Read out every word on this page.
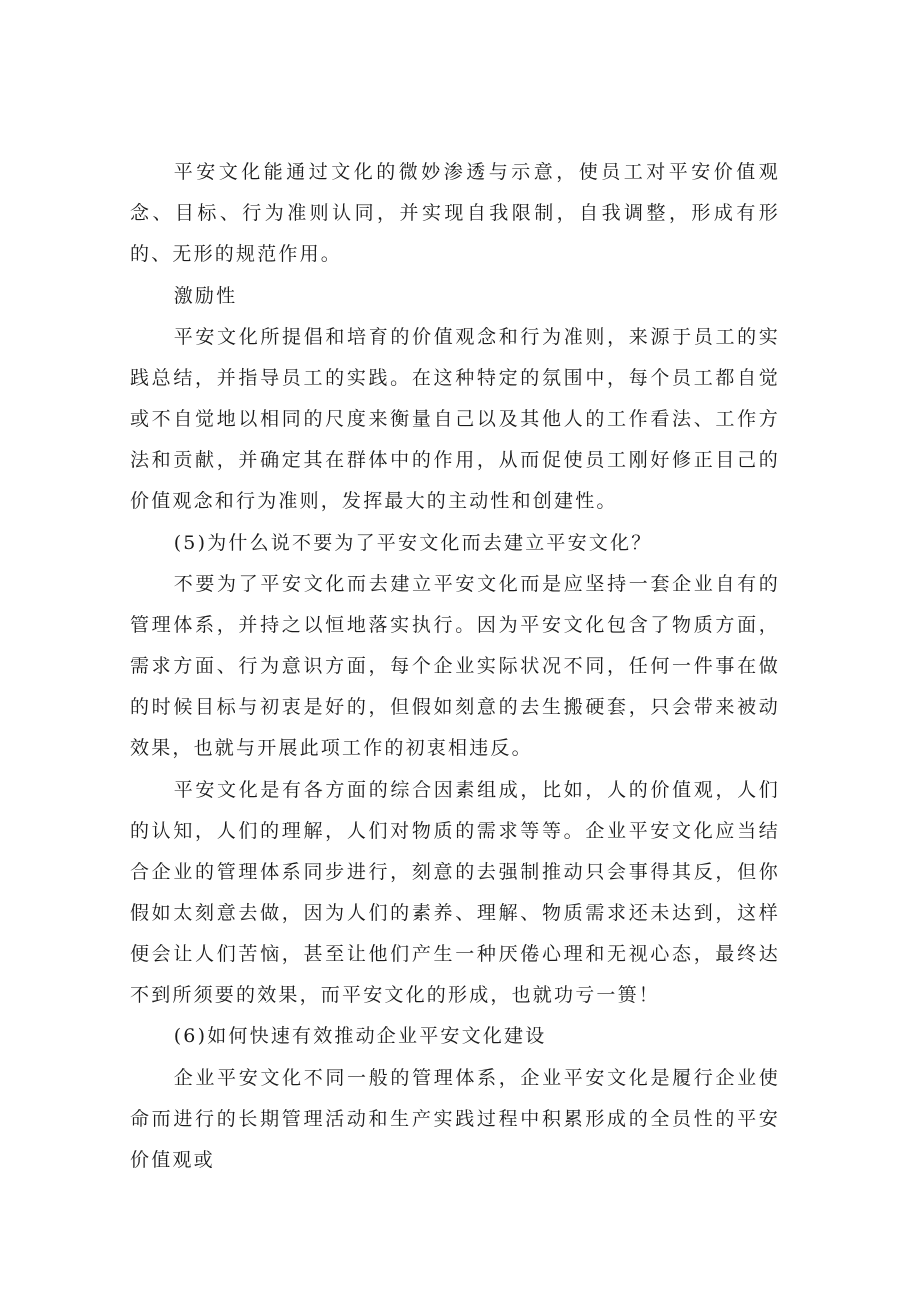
平安文化能通过文化的微妙渗透与示意，使员工对平安价值观念、目标、行为准则认同，并实现自我限制，自我调整，形成有形的、无形的规范作用。

激励性

平安文化所提倡和培育的价值观念和行为准则，来源于员工的实践总结，并指导员工的实践。在这种特定的氛围中，每个员工都自觉或不自觉地以相同的尺度来衡量自己以及其他人的工作看法、工作方法和贡献，并确定其在群体中的作用，从而促使员工刚好修正目己的价值观念和行为准则，发挥最大的主动性和创建性。

(5)为什么说不要为了平安文化而去建立平安文化？

不要为了平安文化而去建立平安文化而是应坚持一套企业自有的管理体系，并持之以恒地落实执行。因为平安文化包含了物质方面，需求方面、行为意识方面，每个企业实际状况不同，任何一件事在做的时候目标与初衷是好的，但假如刻意的去生搬硬套，只会带来被动效果，也就与开展此项工作的初衷相违反。

平安文化是有各方面的综合因素组成，比如，人的价值观，人们的认知，人们的理解，人们对物质的需求等等。企业平安文化应当结合企业的管理体系同步进行，刻意的去强制推动只会事得其反，但你假如太刻意去做，因为人们的素养、理解、物质需求还未达到，这样便会让人们苦恼，甚至让他们产生一种厌倦心理和无视心态，最终达不到所须要的效果，而平安文化的形成，也就功亏一篑！

(6)如何快速有效推动企业平安文化建设

企业平安文化不同一般的管理体系，企业平安文化是履行企业使命而进行的长期管理活动和生产实践过程中积累形成的全员性的平安价值观或
